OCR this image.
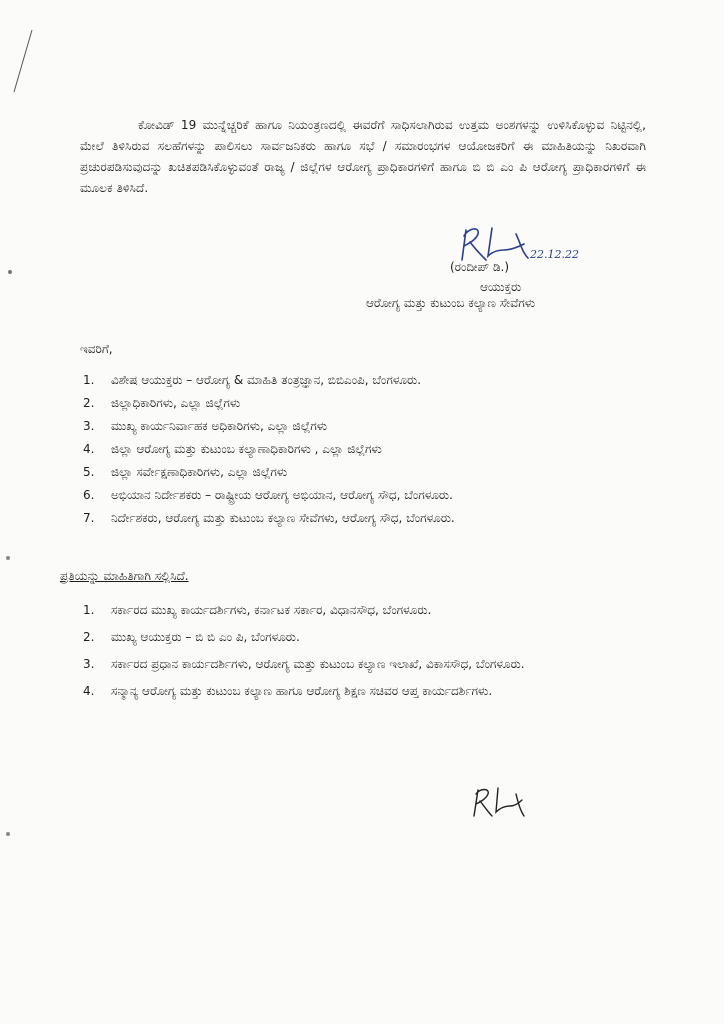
ಕೋವಿಡ್ 19 ಮುನ್ನೆಚ್ಚರಿಕೆ ಹಾಗೂ ನಿಯಂತ್ರಣದಲ್ಲಿ ಈವರೆಗೆ ಸಾಧಿಸಲಾಗಿರುವ ಉತ್ತಮ ಅಂಶಗಳನ್ನು ಉಳಿಸಿಕೊಳ್ಳುವ ನಿಟ್ಟಿನಲ್ಲಿ, ಮೇಲೆ ತಿಳಿಸಿರುವ ಸಲಹೆಗಳನ್ನು ಪಾಲಿಸಲು ಸಾರ್ವಜನಿಕರು ಹಾಗೂ ಸಭೆ / ಸಮಾರಂಭಗಳ ಆಯೋಜಕರಿಗೆ ಈ ಮಾಹಿತಿಯನ್ನು ನಿಖರವಾಗಿ ಪ್ರಚುರಪಡಿಸುವುದನ್ನು ಖಚಿತಪಡಿಸಿಕೊಳ್ಳುವಂತೆ ರಾಜ್ಯ / ಜಿಲ್ಲೆಗಳ ಆರೋಗ್ಯ ಪ್ರಾಧಿಕಾರಗಳಿಗೆ ಹಾಗೂ ಬಿ ಬಿ ಎಂ ಪಿ ಆರೋಗ್ಯ ಪ್ರಾಧಿಕಾರಗಳಿಗೆ ಈ ಮೂಲಕ ತಿಳಿಸಿದೆ.

22.12.22
(ರಂದೀಪ್ ಡಿ.)
ಆಯುಕ್ತರು
ಆರೋಗ್ಯ ಮತ್ತು ಕುಟುಂಬ ಕಲ್ಯಾಣ ಸೇವೆಗಳು
ಇವರಿಗೆ,
1. ವಿಶೇಷ ಆಯುಕ್ತರು – ಆರೋಗ್ಯ & ಮಾಹಿತಿ ತಂತ್ರಜ್ಞಾನ, ಬಿಬಿಎಂಪಿ, ಬೆಂಗಳೂರು.
2. ಜಿಲ್ಲಾಧಿಕಾರಿಗಳು, ಎಲ್ಲಾ ಜಿಲ್ಲೆಗಳು
3. ಮುಖ್ಯ ಕಾರ್ಯನಿರ್ವಾಹಕ ಅಧಿಕಾರಿಗಳು, ಎಲ್ಲಾ ಜಿಲ್ಲೆಗಳು
4. ಜಿಲ್ಲಾ ಆರೋಗ್ಯ ಮತ್ತು ಕುಟುಂಬ ಕಲ್ಯಾಣಾಧಿಕಾರಿಗಳು , ಎಲ್ಲಾ ಜಿಲ್ಲೆಗಳು
5. ಜಿಲ್ಲಾ ಸರ್ವೇಕ್ಷಣಾಧಿಕಾರಿಗಳು, ಎಲ್ಲಾ ಜಿಲ್ಲೆಗಳು
6. ಅಭಿಯಾನ ನಿರ್ದೇಶಕರು – ರಾಷ್ಟ್ರೀಯ ಆರೋಗ್ಯ ಅಭಿಯಾನ, ಆರೋಗ್ಯ ಸೌಧ, ಬೆಂಗಳೂರು.
7. ನಿರ್ದೇಶಕರು, ಆರೋಗ್ಯ ಮತ್ತು ಕುಟುಂಬ ಕಲ್ಯಾಣ ಸೇವೆಗಳು, ಆರೋಗ್ಯ ಸೌಧ, ಬೆಂಗಳೂರು.
ಪ್ರತಿಯನ್ನು ಮಾಹಿತಿಗಾಗಿ ಸಲ್ಲಿಸಿದೆ.
1. ಸರ್ಕಾರದ ಮುಖ್ಯ ಕಾರ್ಯದರ್ಶಿಗಳು, ಕರ್ನಾಟಕ ಸರ್ಕಾರ, ವಿಧಾನಸೌಧ, ಬೆಂಗಳೂರು.
2. ಮುಖ್ಯ ಆಯುಕ್ತರು – ಬಿ ಬಿ ಎಂ ಪಿ, ಬೆಂಗಳೂರು.
3. ಸರ್ಕಾರದ ಪ್ರಧಾನ ಕಾರ್ಯದರ್ಶಿಗಳು, ಆರೋಗ್ಯ ಮತ್ತು ಕುಟುಂಬ ಕಲ್ಯಾಣ ಇಲಾಖೆ, ವಿಕಾಸಸೌಧ, ಬೆಂಗಳೂರು.
4. ಸನ್ಮಾನ್ಯ ಆರೋಗ್ಯ ಮತ್ತು ಕುಟುಂಬ ಕಲ್ಯಾಣ ಹಾಗೂ ಆರೋಗ್ಯ ಶಿಕ್ಷಣ ಸಚಿವರ ಆಪ್ತ ಕಾರ್ಯದರ್ಶಿಗಳು.
